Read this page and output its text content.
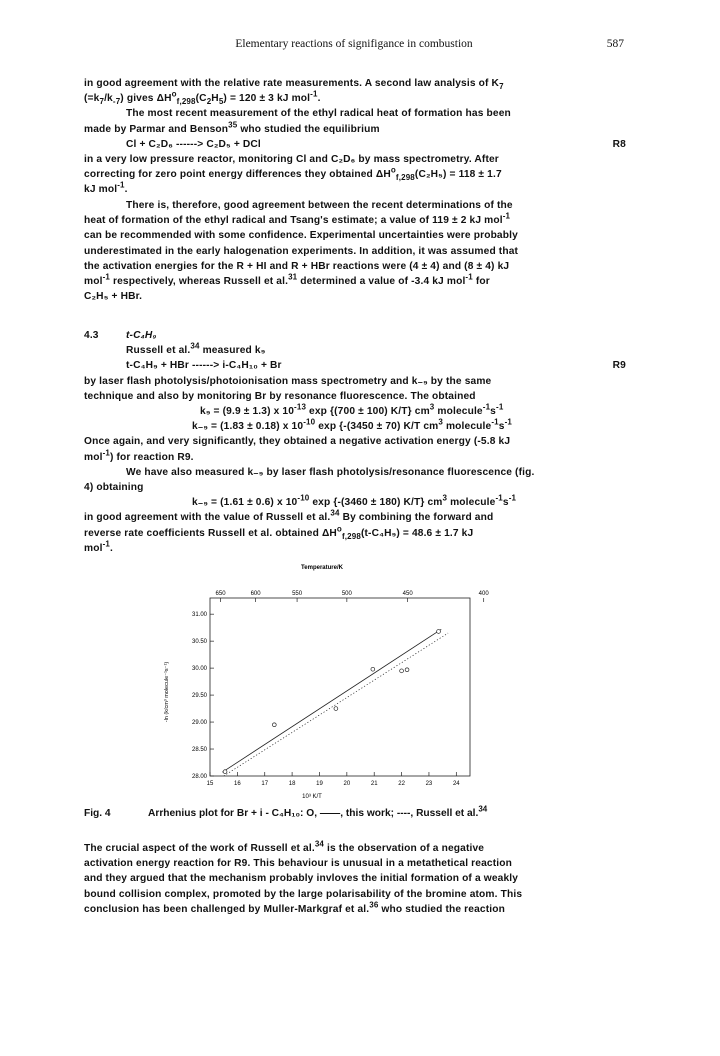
Elementary reactions of signifigance in combustion	587

in good agreement with the relative rate measurements. A second law analysis of $K_7$

$(=k_7/k_{-7})$ gives $\Delta H^o_{f,298}(C_2H_5) = 120 \pm 3$ kJ mol$^{-1}$.

The most recent measurement of the ethyl radical heat of formation has been

made by Parmar and Benson$^{35}$ who studied the equilibrium

Cl + C₂D₆ ------> C₂D₅ + DCl	R8

in a very low pressure reactor, monitoring Cl and C₂D₆ by mass spectrometry. After

correcting for zero point energy differences they obtained $\Delta H^o_{f,298}(C_2H_5) = 118 \pm 1.7$

kJ mol$^{-1}$.

There is, therefore, good agreement between the recent determinations of the

heat of formation of the ethyl radical and Tsang's estimate; a value of 119 ± 2 kJ mol$^{-1}$

can be recommended with some confidence. Experimental uncertainties were probably

underestimated in the early halogenation experiments. In addition, it was assumed that

the activation energies for the R + HI and R + HBr reactions were (4 ± 4) and (8 ± 4) kJ

mol$^{-1}$ respectively, whereas Russell et al.$^{31}$ determined a value of -3.4 kJ mol$^{-1}$ for

C₂H₅ + HBr.

4.3	t-C₄H₉

Russell et al.$^{34}$ measured k₉

t-C₄H₉ + HBr ------> i-C₄H₁₀ + Br	R9

by laser flash photolysis/photoionisation mass spectrometry and k₋₉ by the same

technique and also by monitoring Br by resonance fluorescence. The obtained

k₉ = (9.9 ± 1.3) x $10^{-13}$ exp {(700 ± 100) K/T} $cm^3$ $molecule^{-1}s^{-1}$

k₋₉ = (1.83 ± 0.18) x $10^{-10}$ exp {-(3450 ± 70) K/T $cm^3$ $molecule^{-1}s^{-1}$

Once again, and very significantly, they obtained a negative activation energy (-5.8 kJ

mol$^{-1}$) for reaction R9.

We have also measured k₋₉ by laser flash photolysis/resonance fluorescence (fig.

4) obtaining

k₋₉ = (1.61 ± 0.6) x $10^{-10}$ exp {-(3460 ± 180) K/T} $cm^3$ $molecule^{-1}s^{-1}$

in good agreement with the value of Russell et al.$^{34}$ By combining the forward and

reverse rate coefficients Russell et al. obtained $\Delta H^o_{f,298}(t-C_4H_9) = 48.6 \pm 1.7$ kJ

mol$^{-1}$.

Temperature/K
650	600	550	500	450	400
28.00
28.50
29.00
29.50
30.00
30.50
31.00
15	16	17	18	19	20	21	22	23	24
-ln (k/cm³ molecule⁻¹s⁻¹)
10³ K/T
Fig. 4	Arrhenius plot for Br + i - C₄H₁₀: O, ——, this work; ----, Russell et al.$^{34}$

The crucial aspect of the work of Russell et al.$^{34}$ is the observation of a negative

activation energy reaction for R9. This behaviour is unusual in a metathetical reaction

and they argued that the mechanism probably invloves the initial formation of a weakly

bound collision complex, promoted by the large polarisability of the bromine atom. This

conclusion has been challenged by Muller-Markgraf et al.$^{36}$ who studied the reaction
